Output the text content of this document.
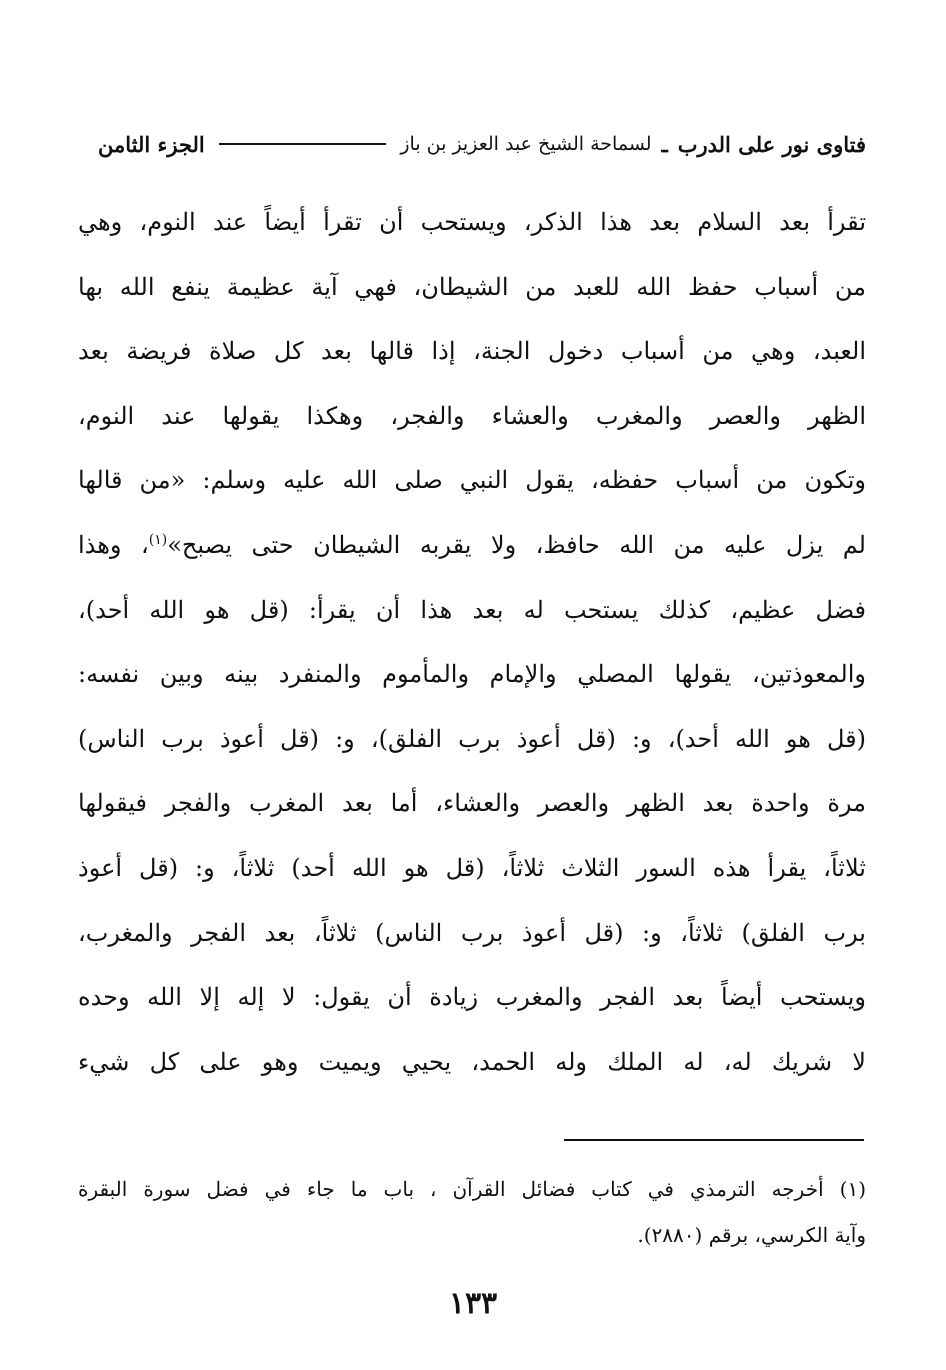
فتاوى نور على الدرب
ـ
لسماحة الشيخ عبد العزيز بن باز
الجزء الثامن
تقرأ بعد السلام بعد هذا الذكر، ويستحب أن تقرأ أيضاً عند النوم، وهي
من أسباب حفظ الله للعبد من الشيطان، فهي آية عظيمة ينفع الله بها
العبد، وهي من أسباب دخول الجنة، إذا قالها بعد كل صلاة فريضة بعد
الظهر والعصر والمغرب والعشاء والفجر، وهكذا يقولها عند النوم،
وتكون من أسباب حفظه، يقول النبي صلى الله عليه وسلم: «من قالها
لم يزل عليه من الله حافظ، ولا يقربه الشيطان حتى يصبح»$^{(١)}$، وهذا
فضل عظيم، كذلك يستحب له بعد هذا أن يقرأ: (قل هو الله أحد)،
والمعوذتين، يقولها المصلي والإمام والمأموم والمنفرد بينه وبين نفسه:
(قل هو الله أحد)، و: (قل أعوذ برب الفلق)، و: (قل أعوذ برب الناس)
مرة واحدة بعد الظهر والعصر والعشاء، أما بعد المغرب والفجر فيقولها
ثلاثاً، يقرأ هذه السور الثلاث ثلاثاً، (قل هو الله أحد) ثلاثاً، و: (قل أعوذ
برب الفلق) ثلاثاً، و: (قل أعوذ برب الناس) ثلاثاً، بعد الفجر والمغرب،
ويستحب أيضاً بعد الفجر والمغرب زيادة أن يقول: لا إله إلا الله وحده
لا شريك له، له الملك وله الحمد، يحيي ويميت وهو على كل شيء
(١) أخرجه الترمذي في كتاب فضائل القرآن ، باب ما جاء في فضل سورة البقرة
وآية الكرسي، برقم (٢٨٨٠).
١٣٣
